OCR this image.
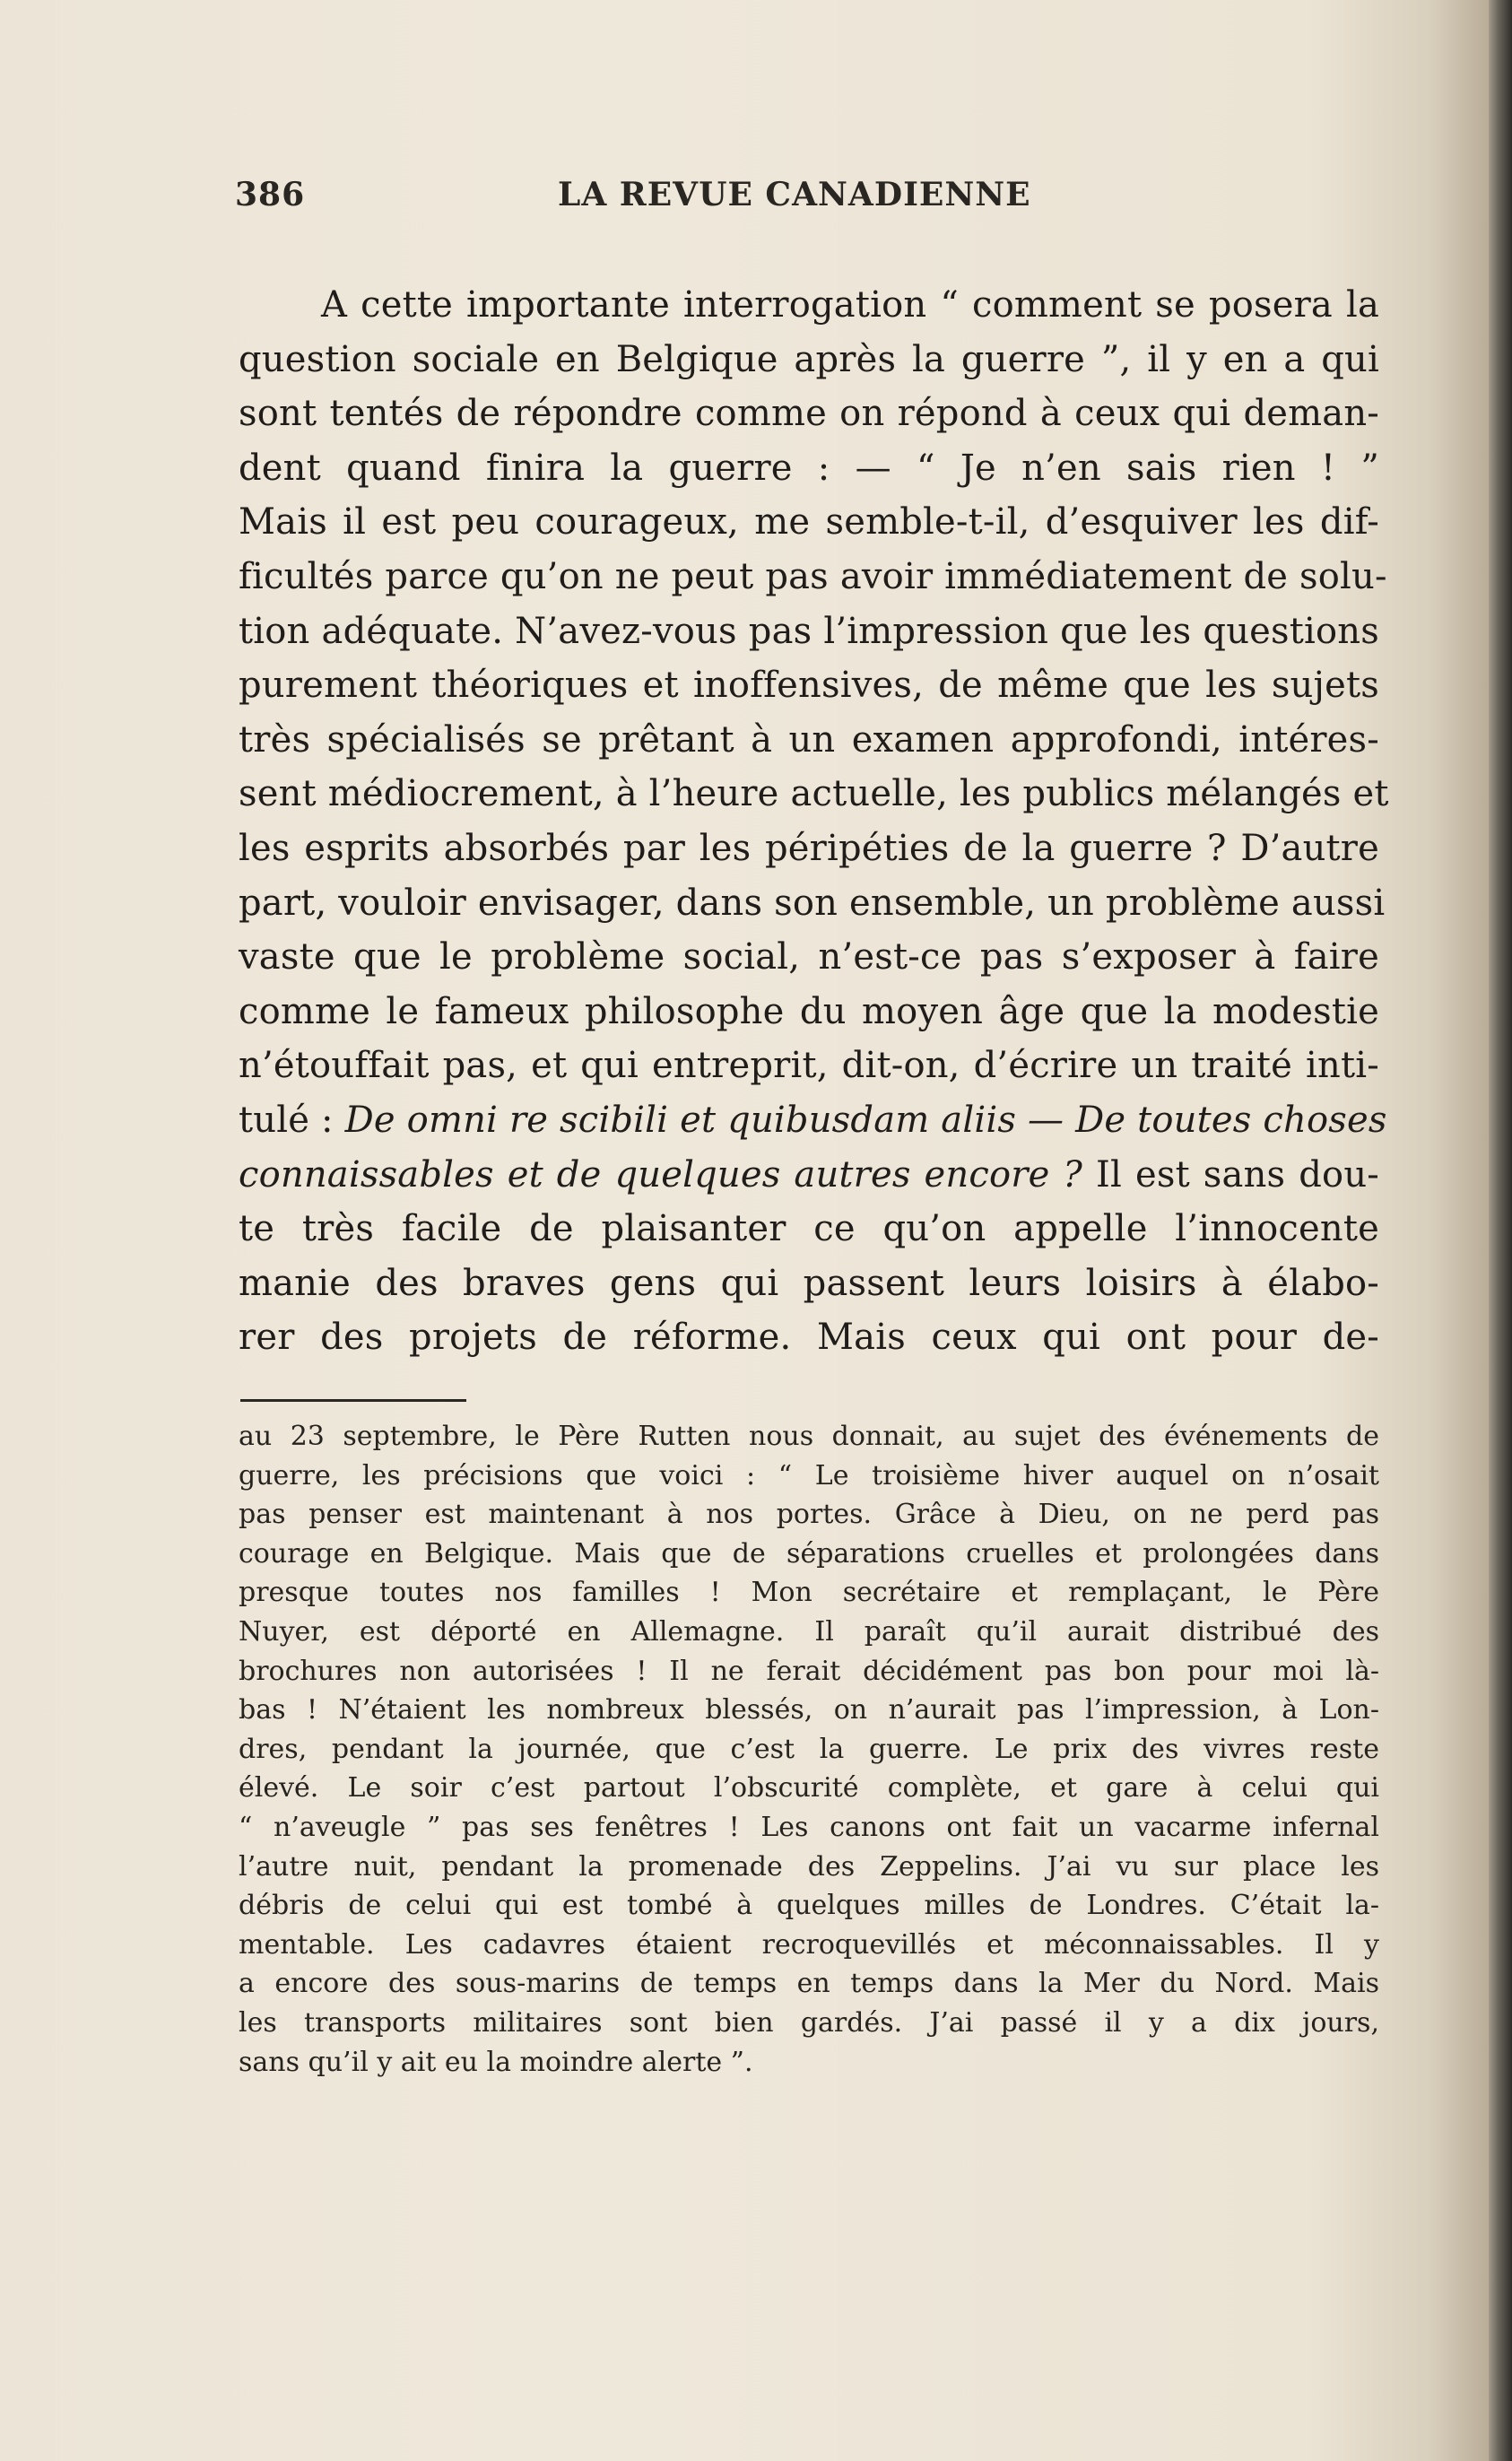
386	LA REVUE CANADIENNE
A cette importante interrogation “ comment se posera la
question sociale en Belgique après la guerre ”, il y en a qui
sont tentés de répondre comme on répond à ceux qui deman-
dent quand finira la guerre : — “ Je n’en sais rien ! ”
Mais il est peu courageux, me semble-t-il, d’esquiver les dif-
ficultés parce qu’on ne peut pas avoir immédiatement de solu-
tion adéquate. N’avez-vous pas l’impression que les questions
purement théoriques et inoffensives, de même que les sujets
très spécialisés se prêtant à un examen approfondi, intéres-
sent médiocrement, à l’heure actuelle, les publics mélangés et
les esprits absorbés par les péripéties de la guerre ? D’autre
part, vouloir envisager, dans son ensemble, un problème aussi
vaste que le problème social, n’est-ce pas s’exposer à faire
comme le fameux philosophe du moyen âge que la modestie
n’étouffait pas, et qui entreprit, dit-on, d’écrire un traité inti-
tulé : De omni re scibili et quibusdam aliis — De toutes choses
connaissables et de quelques autres encore ? Il est sans dou-
te très facile de plaisanter ce qu’on appelle l’innocente
manie des braves gens qui passent leurs loisirs à élabo-
rer des projets de réforme. Mais ceux qui ont pour de-
au 23 septembre, le Père Rutten nous donnait, au sujet des événements de
guerre, les précisions que voici : “ Le troisième hiver auquel on n’osait
pas penser est maintenant à nos portes. Grâce à Dieu, on ne perd pas
courage en Belgique. Mais que de séparations cruelles et prolongées dans
presque toutes nos familles ! Mon secrétaire et remplaçant, le Père
Nuyer, est déporté en Allemagne. Il paraît qu’il aurait distribué des
brochures non autorisées ! Il ne ferait décidément pas bon pour moi là-
bas ! N’étaient les nombreux blessés, on n’aurait pas l’impression, à Lon-
dres, pendant la journée, que c’est la guerre. Le prix des vivres reste
élevé. Le soir c’est partout l’obscurité complète, et gare à celui qui
“ n’aveugle ” pas ses fenêtres ! Les canons ont fait un vacarme infernal
l’autre nuit, pendant la promenade des Zeppelins. J’ai vu sur place les
débris de celui qui est tombé à quelques milles de Londres. C’était la-
mentable. Les cadavres étaient recroquevillés et méconnaissables. Il y
a encore des sous-marins de temps en temps dans la Mer du Nord. Mais
les transports militaires sont bien gardés. J’ai passé il y a dix jours,
sans qu’il y ait eu la moindre alerte ”.
